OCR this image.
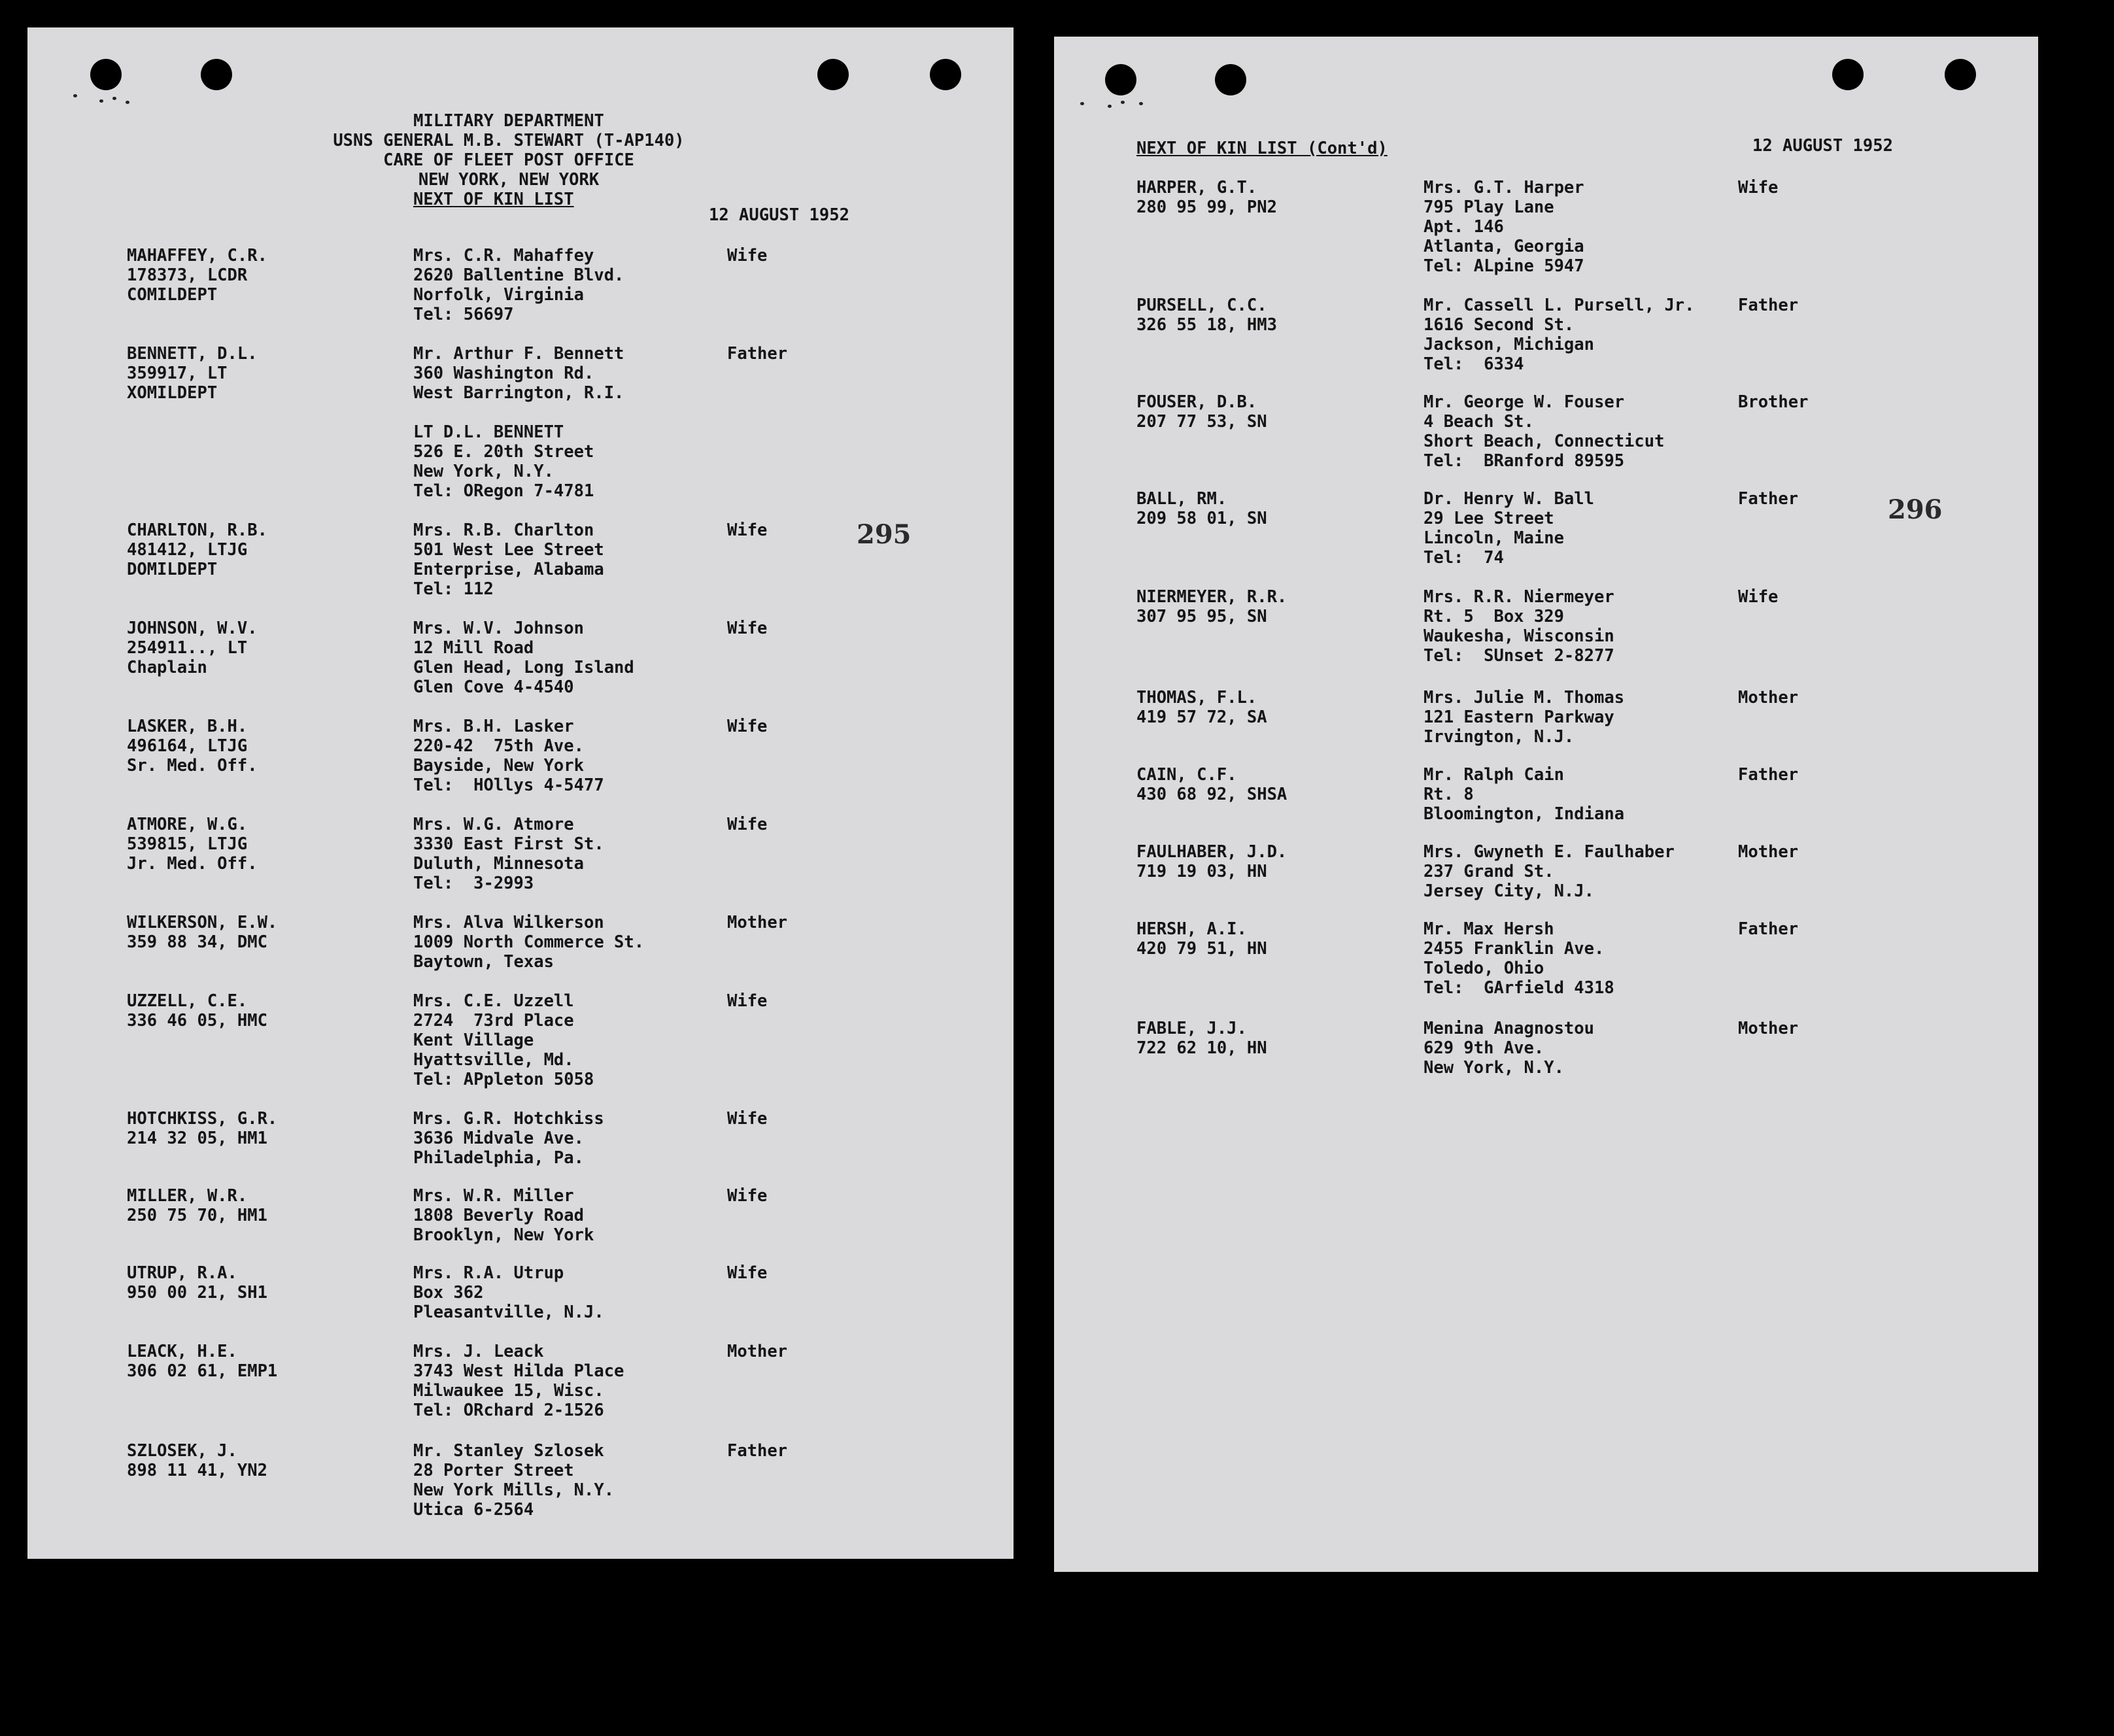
MILITARY DEPARTMENT
USNS GENERAL M.B. STEWART (T-AP140)
CARE OF FLEET POST OFFICE
NEW YORK, NEW YORK
NEXT OF KIN LIST
12 AUGUST 1952
295
MAHAFFEY, C.R.
178373, LCDR
COMILDEPT
Mrs. C.R. Mahaffey
2620 Ballentine Blvd.
Norfolk, Virginia
Tel: 56697
Wife
BENNETT, D.L.
359917, LT
XOMILDEPT
Mr. Arthur F. Bennett
360 Washington Rd.
West Barrington, R.I.

LT D.L. BENNETT
526 E. 20th Street
New York, N.Y.
Tel: ORegon 7-4781
Father
CHARLTON, R.B.
481412, LTJG
DOMILDEPT
Mrs. R.B. Charlton
501 West Lee Street
Enterprise, Alabama
Tel: 112
Wife
JOHNSON, W.V.
254911.., LT
Chaplain
Mrs. W.V. Johnson
12 Mill Road
Glen Head, Long Island
Glen Cove 4-4540
Wife
LASKER, B.H.
496164, LTJG
Sr. Med. Off.
Mrs. B.H. Lasker
220-42  75th Ave.
Bayside, New York
Tel:  HOllys 4-5477
Wife
ATMORE, W.G.
539815, LTJG
Jr. Med. Off.
Mrs. W.G. Atmore
3330 East First St.
Duluth, Minnesota
Tel:  3-2993
Wife
WILKERSON, E.W.
359 88 34, DMC
Mrs. Alva Wilkerson
1009 North Commerce St.
Baytown, Texas
Mother
UZZELL, C.E.
336 46 05, HMC
Mrs. C.E. Uzzell
2724  73rd Place
Kent Village
Hyattsville, Md.
Tel: APpleton 5058
Wife
HOTCHKISS, G.R.
214 32 05, HM1
Mrs. G.R. Hotchkiss
3636 Midvale Ave.
Philadelphia, Pa.
Wife
MILLER, W.R.
250 75 70, HM1
Mrs. W.R. Miller
1808 Beverly Road
Brooklyn, New York
Wife
UTRUP, R.A.
950 00 21, SH1
Mrs. R.A. Utrup
Box 362
Pleasantville, N.J.
Wife
LEACK, H.E.
306 02 61, EMP1
Mrs. J. Leack
3743 West Hilda Place
Milwaukee 15, Wisc.
Tel: ORchard 2-1526
Mother
SZLOSEK, J.
898 11 41, YN2
Mr. Stanley Szlosek
28 Porter Street
New York Mills, N.Y.
Utica 6-2564
Father
NEXT OF KIN LIST (Cont'd)	12 AUGUST 1952
296
HARPER, G.T.
280 95 99, PN2
Mrs. G.T. Harper
795 Play Lane
Apt. 146
Atlanta, Georgia
Tel: ALpine 5947
Wife
PURSELL, C.C.
326 55 18, HM3
Mr. Cassell L. Pursell, Jr.
1616 Second St.
Jackson, Michigan
Tel:  6334
Father
FOUSER, D.B.
207 77 53, SN
Mr. George W. Fouser
4 Beach St.
Short Beach, Connecticut
Tel:  BRanford 89595
Brother
BALL, RM.
209 58 01, SN
Dr. Henry W. Ball
29 Lee Street
Lincoln, Maine
Tel:  74
Father
NIERMEYER, R.R.
307 95 95, SN
Mrs. R.R. Niermeyer
Rt. 5  Box 329
Waukesha, Wisconsin
Tel:  SUnset 2-8277
Wife
THOMAS, F.L.
419 57 72, SA
Mrs. Julie M. Thomas
121 Eastern Parkway
Irvington, N.J.
Mother
CAIN, C.F.
430 68 92, SHSA
Mr. Ralph Cain
Rt. 8
Bloomington, Indiana
Father
FAULHABER, J.D.
719 19 03, HN
Mrs. Gwyneth E. Faulhaber
237 Grand St.
Jersey City, N.J.
Mother
HERSH, A.I.
420 79 51, HN
Mr. Max Hersh
2455 Franklin Ave.
Toledo, Ohio
Tel:  GArfield 4318
Father
FABLE, J.J.
722 62 10, HN
Menina Anagnostou
629 9th Ave.
New York, N.Y.
Mother
